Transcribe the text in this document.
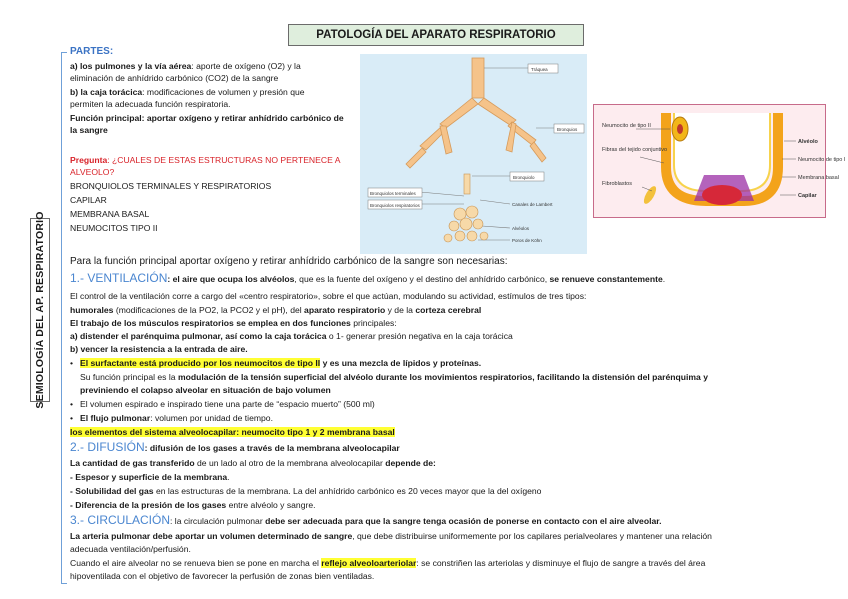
PATOLOGÍA DEL APARATO RESPIRATORIO
SEMIOLOGÍA DEL AP. RESPIRATORIO
PARTES:
a) los pulmones y la vía aérea: aporte de oxígeno (O2) y la
eliminación de anhídrido carbónico (CO2) de la sangre
b) la caja torácica: modificaciones de volumen y presión que
permiten la adecuada función respiratoria.
Función principal: aportar oxígeno y retirar anhídrido carbónico de
la sangre
Pregunta: ¿CUALES DE ESTAS ESTRUCTURAS NO PERTENECE A
ALVEOLO?
BRONQUIOLOS TERMINALES Y RESPIRATORIOS
CAPILAR
MEMBRANA BASAL
NEUMOCITOS TIPO II
Tráquea
Bronquios
Bronquiolo
Bronquiolos terminales
Bronquiolos respiratorios	Canales de Lambert
Alvéolos
Poros de Köhn
Neumocito de tipo II
Fibras del tejido conjuntivo
Fibroblastos
Alvéolo
Neumocito de tipo I
Membrana basal
Capilar
Para la función principal aportar oxígeno y retirar anhídrido carbónico de la sangre son necesarias:
1.- VENTILACIÓN: el aire que ocupa los alvéolos, que es la fuente del oxígeno y el destino del anhídrido carbónico, se renueve constantemente.
El control de la ventilación corre a cargo del «centro respiratorio», sobre el que actúan, modulando su actividad, estímulos de tres tipos:
humorales (modificaciones de la PO2, la PCO2 y el pH), del aparato respiratorio y de la corteza cerebral
El trabajo de los músculos respiratorios se emplea en dos funciones principales:
a) distender el parénquima pulmonar, así como la caja torácica o 1- generar presión negativa en la caja torácica
b) vencer la resistencia a la entrada de aire.
• El surfactante está producido por los neumocitos de tipo II y es una mezcla de lípidos y proteínas.
Su función principal es la modulación de la tensión superficial del alvéolo durante los movimientos respiratorios, facilitando la distensión del parénquima y
previniendo el colapso alveolar en situación de bajo volumen
• El volumen espirado e inspirado tiene una parte de “espacio muerto” (500 ml)
• El flujo pulmonar: volumen por unidad de tiempo.
los elementos del sistema alveolocapilar: neumocito tipo 1 y 2 membrana basal
2.- DIFUSIÓN: difusión de los gases a través de la membrana alveolocapilar
La cantidad de gas transferido de un lado al otro de la membrana alveolocapilar depende de:
- Espesor y superficie de la membrana.
- Solubilidad del gas en las estructuras de la membrana. La del anhídrido carbónico es 20 veces mayor que la del oxígeno
- Diferencia de la presión de los gases entre alvéolo y sangre.
3.- CIRCULACIÓN: la circulación pulmonar debe ser adecuada para que la sangre tenga ocasión de ponerse en contacto con el aire alveolar.
La arteria pulmonar debe aportar un volumen determinado de sangre, que debe distribuirse uniformemente por los capilares perialveolares y mantener una relación
adecuada ventilación/perfusión.
Cuando el aire alveolar no se renueva bien se pone en marcha el reflejo alveoloarteriolar: se constriñen las arteriolas y disminuye el flujo de sangre a través del área
hipoventilada con el objetivo de favorecer la perfusión de zonas bien ventiladas.
